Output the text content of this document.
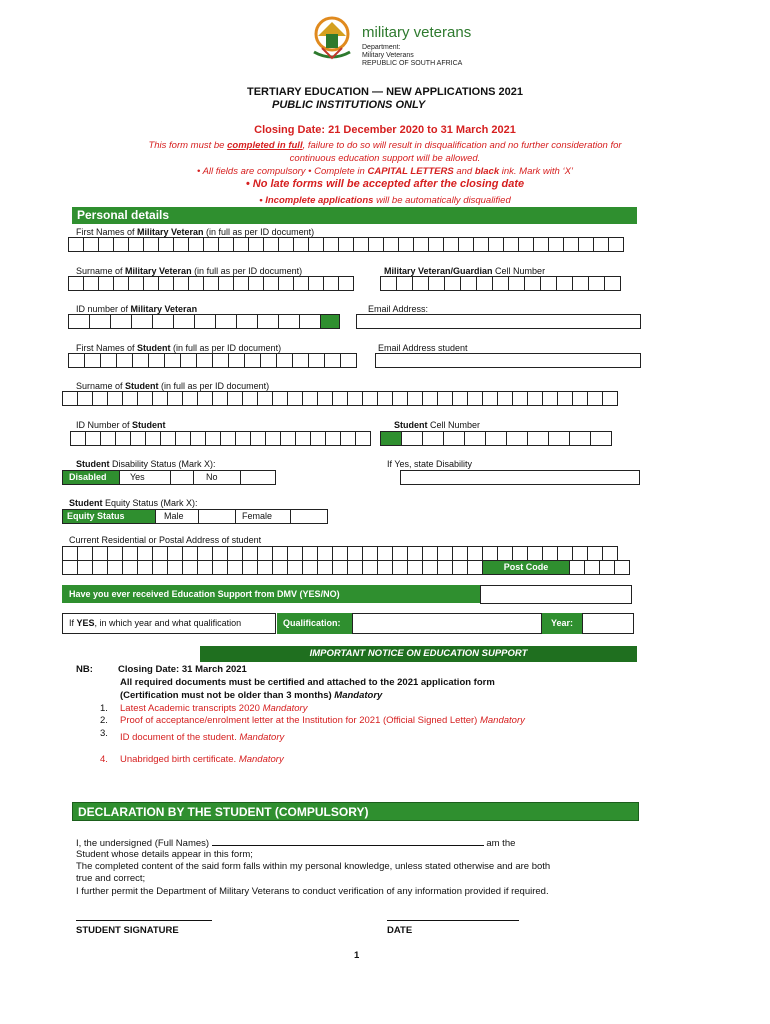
military veterans
Department:
Military Veterans
REPUBLIC OF SOUTH AFRICA
TERTIARY EDUCATION — NEW APPLICATIONS 2021
PUBLIC INSTITUTIONS ONLY
Closing Date: 21 December 2020 to 31 March 2021
This form must be completed in full, failure to do so will result in disqualification and no further consideration for
continuous education support will be allowed.
• All fields are compulsory • Complete in CAPITAL LETTERS and black ink. Mark with ‘X’
• No late forms will be accepted after the closing date
• Incomplete applications will be automatically disqualified
Personal details
First Names of Military Veteran (in full as per ID document)
Surname of Military Veteran (in full as per ID document)	Military Veteran/Guardian Cell Number
ID number of Military Veteran	Email Address:
First Names of Student (in full as per ID document)	Email Address student
Surname of Student (in full as per ID document)
ID Number of Student	Student Cell Number
Student Disability Status (Mark X):	If Yes, state Disability
Disabled	Yes	No
Student Equity Status (Mark X):
Equity Status	Male	Female
Current Residential or Postal Address of student
Post Code
Have you ever received Education Support from DMV (YES/NO)
If YES, in which year and what qualification	Qualification:	Year:
IMPORTANT NOTICE ON EDUCATION SUPPORT
NB:	Closing Date: 31 March 2021
All required documents must be certified and attached to the 2021 application form
(Certification must not be older than 3 months) Mandatory
1. Latest Academic transcripts 2020 Mandatory
2. Proof of acceptance/enrolment letter at the Institution for 2021 (Official Signed Letter) Mandatory
3. ID document of the student. Mandatory
4. Unabridged birth certificate. Mandatory
DECLARATION BY THE STUDENT (COMPULSORY)
I, the undersigned (Full Names)	am the
Student whose details appear in this form;
The completed content of the said form falls within my personal knowledge, unless stated otherwise and are both
true and correct;
I further permit the Department of Military Veterans to conduct verification of any information provided if required.
STUDENT SIGNATURE	DATE
1
